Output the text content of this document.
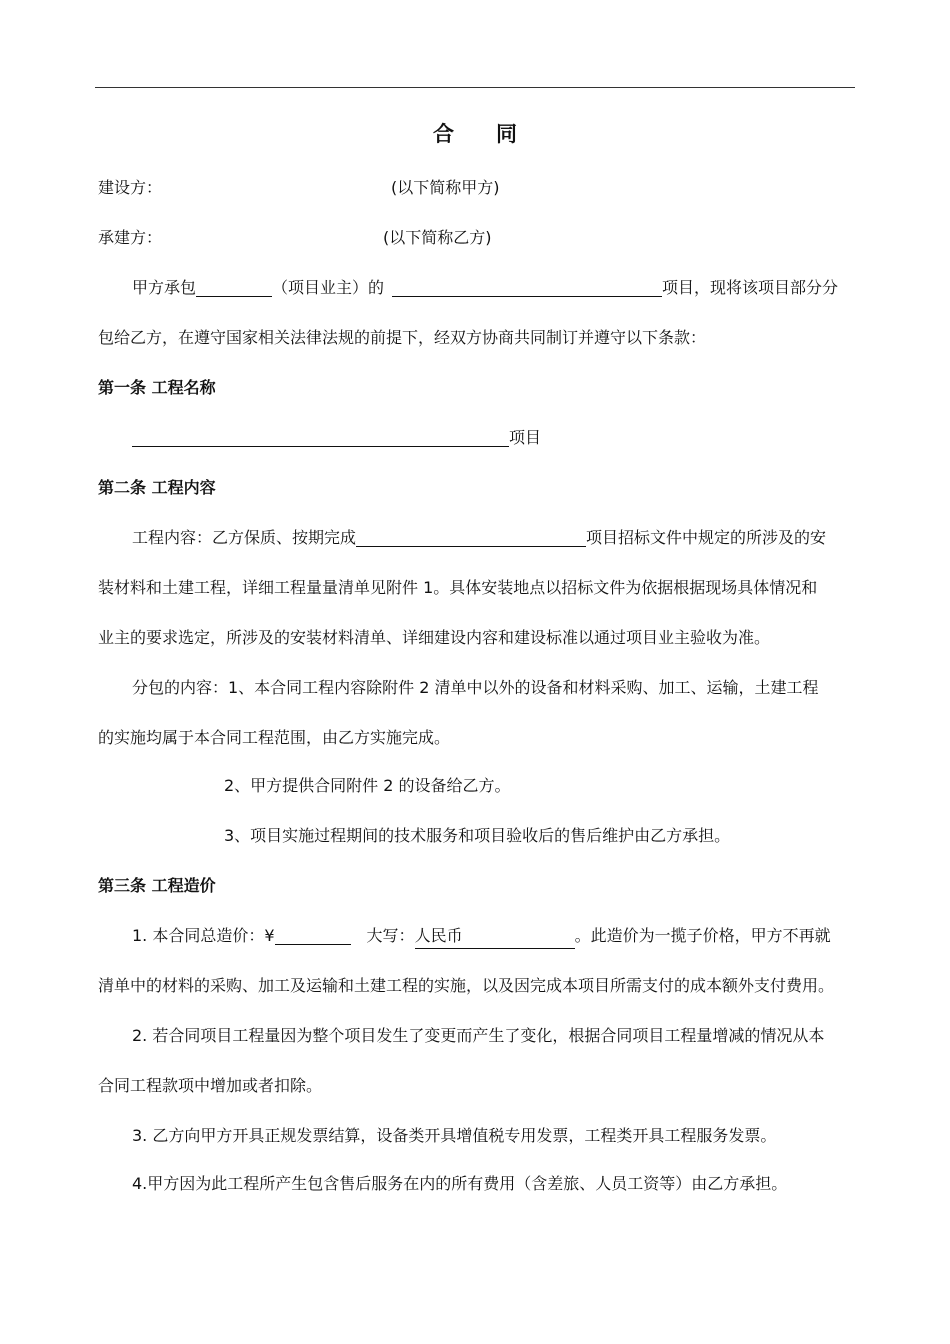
合 同
建设方：	(以下简称甲方)
承建方：	(以下简称乙方)
甲方承包	（项目业主）的	项目，现将该项目部分分
包给乙方，在遵守国家相关法律法规的前提下，经双方协商共同制订并遵守以下条款：
第一条 工程名称
项目
第二条 工程内容
工程内容：乙方保质、按期完成	项目招标文件中规定的所涉及的安
装材料和土建工程，详细工程量量清单见附件 1。具体安装地点以招标文件为依据根据现场具体情况和
业主的要求选定，所涉及的安装材料清单、详细建设内容和建设标准以通过项目业主验收为准。
分包的内容：1、本合同工程内容除附件 2 清单中以外的设备和材料采购、加工、运输，土建工程
的实施均属于本合同工程范围，由乙方实施完成。
2、甲方提供合同附件 2 的设备给乙方。
3、项目实施过程期间的技术服务和项目验收后的售后维护由乙方承担。
第三条 工程造价
1. 本合同总造价：¥	大写：人民币	。此造价为一揽子价格，甲方不再就
清单中的材料的采购、加工及运输和土建工程的实施，以及因完成本项目所需支付的成本额外支付费用。
2. 若合同项目工程量因为整个项目发生了变更而产生了变化，根据合同项目工程量增减的情况从本
合同工程款项中增加或者扣除。
3. 乙方向甲方开具正规发票结算，设备类开具增值税专用发票，工程类开具工程服务发票。
4.甲方因为此工程所产生包含售后服务在内的所有费用（含差旅、人员工资等）由乙方承担。
